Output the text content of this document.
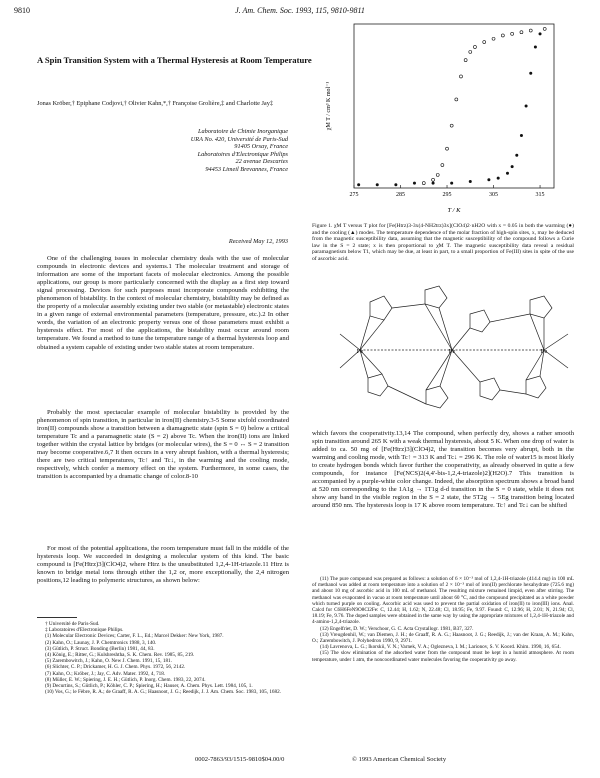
9810	J. Am. Chem. Soc. 1993, 115, 9810-9811
A Spin Transition System with a Thermal Hysteresis at Room Temperature
Jonas Kröber,† Epiphane Codjovi,† Olivier Kahn,*,† Françoise Grolière,‡ and Charlotte Jay‡
Laboratoire de Chimie Inorganique
URA No. 420, Université de Paris-Sud
91405 Orsay, France
Laboratoires d'Electronique Philips
22 avenue Descartes
94453 Limeil Brevannes, France
Received May 12, 1993
One of the challenging issues in molecular chemistry deals with the use of molecular compounds in electronic devices and systems.1 The molecular treatment and storage of information are some of the important facets of molecular electronics. Among the possible applications, our group is more particularly concerned with the display as a first step toward signal processing. Devices for such purposes must incorporate compounds exhibiting the phenomenon of bistability. In the context of molecular chemistry, bistability may be defined as the property of a molecular assembly existing under two stable (or metastable) electronic states in a given range of external environmental parameters (temperature, pressure, etc.).2 In other words, the variation of an electronic property versus one of those parameters must exhibit a hysteresis effect. For most of the applications, the bistability must occur around room temperature. We found a method to tune the temperature range of a thermal hysteresis loop and obtained a system capable of existing under two stable states at room temperature.
Probably the most spectacular example of molecular bistability is provided by the phenomenon of spin transition, in particular in iron(II) chemistry.3-5 Some sixfold coordinated iron(II) compounds show a transition between a diamagnetic state (spin S = 0) below a critical temperature Tc and a paramagnetic state (S = 2) above Tc. When the iron(II) ions are linked together within the crystal lattice by bridges (or molecular wires), the S = 0 ↔ S = 2 transition may become cooperative.6,7 It then occurs in a very abrupt fashion, with a thermal hysteresis; there are two critical temperatures, Tc↑ and Tc↓, in the warming and the cooling mode, respectively, which confer a memory effect on the system. Furthermore, in some cases, the transition is accompanied by a dramatic change of color.8-10
For most of the potential applications, the room temperature must fall in the middle of the hysteresis loop. We succeeded in designing a molecular system of this kind. The basic compound is [Fe(Htrz)3](ClO4)2, where Htrz is the unsubstituted 1,2,4-1H-triazole.11 Htrz is known to bridge metal ions through either the 1,2 or, more exceptionally, the 2,4 nitrogen positions,12 leading to polymeric structures, as shown below:
† Université de Paris-Sud.
‡ Laboratoires d'Electronique Philips.
(1) Molecular Electronic Devices; Carter, F. L., Ed.; Marcel Dekker: New York, 1987.
(2) Kahn, O.; Launay, J. P. Chemtronics 1988, 3, 140.
(3) Gütlich, P. Struct. Bonding (Berlin) 1981, 44, 83.
(4) König, E.; Ritter, G.; Kulshreshtha, S. K. Chem. Rev. 1985, 85, 219.
(5) Zarembowitch, J.; Kahn, O. New J. Chem. 1991, 15, 181.
(6) Slichter, C. P.; Drickamer, H. G. J. Chem. Phys. 1972, 56, 2142.
(7) Kahn, O.; Kröber, J.; Jay, C. Adv. Mater. 1992, 4, 718.
(8) Müller, E. W.; Spiering, J. E. H.; Gütlich, P. Inorg. Chem. 1983, 22, 2074.
(9) Decurtins, S.; Gütlich, P.; Köhler, C. P.; Spiering, H.; Hauser, A. Chem. Phys. Lett. 1984, 105, 1.
(10) Vos, G.; le Fèbre, R. A.; de Graaff, R. A. G.; Haasnoot, J. G.; Reedijk, J. J. Am. Chem. Soc. 1983, 105, 1682.
χM T / cm³ K mol⁻¹
T / K
275	285	295	305	315
Figure 1. χM T versus T plot for [Fe(Htrz)3-3x(4-NH2trz)3x](ClO4)2·nH2O with x = 0.05 in both the warming (●) and the cooling (▲) modes. The temperature dependence of the molar fraction of high-spin sites, x, may be deduced from the magnetic susceptibility data, assuming that the magnetic susceptibility of the compound follows a Curie law in the S = 2 state; x is then proportional to χM T. The magnetic susceptibility data reveal a residual paramagnetism below T1, which may be due, at least in part, to a small proportion of Fe(III) sites in spite of the use of ascorbic acid.
Fe	Fe	Fe
which favors the cooperativity.13,14 The compound, when perfectly dry, shows a rather smooth spin transition around 265 K with a weak thermal hysteresis, about 5 K. When one drop of water is added to ca. 50 mg of [Fe(Htrz)3](ClO4)2, the transition becomes very abrupt, both in the warming and cooling mode, with Tc↑ = 313 K and Tc↓ = 296 K. The role of water15 is most likely to create hydrogen bonds which favor further the cooperativity, as already observed in quite a few compounds, for instance [Fe(NCS)2(4,4'-bis-1,2,4-triazole)2](H2O).7 This transition is accompanied by a purple-white color change. Indeed, the absorption spectrum shows a broad band at 520 nm corresponding to the 1A1g → 1T1g d-d transition in the S = 0 state, while it does not show any band in the visible region in the S = 2 state, the 5T2g → 5Eg transition being located around 850 nm. The hysteresis loop is 17 K above room temperature. Tc↑ and Tc↓ can be shifted
(11) The pure compound was prepared as follows: a solution of 6 × 10⁻³ mol of 1,2,4-1H-triazole (414.4 mg) in 100 mL of methanol was added at room temperature into a solution of 2 × 10⁻³ mol of iron(II) perchlorate hexahydrate (725.6 mg) and about 10 mg of ascorbic acid in 100 mL of methanol. The resulting mixture remained limpid, even after stirring. The methanol was evaporated in vacuo at room temperature until about 60 °C, and the compound precipitated as a white powder which turned purple on cooling. Ascorbic acid was used to prevent the partial oxidation of iron(II) to iron(III) ions. Anal. Calcd for C6H6FeN9O8Cl2Fe: C, 12.44; H, 1.62; N, 22.48; Cl, 18.95; Fe, 9.97. Found: C, 12.96; H, 2.01; N, 21.94; Cl, 18.19; Fe, 9.76. The doped samples were obtained in the same way by using the appropriate mixtures of 1,2,4-1H-triazole and 4-amino-1,2,4-triazole.
(12) Engelfriet, D. W.; Verschoor, G. C. Acta Crystallogr. 1981, B37, 327.
(13) Vreugdenhil, W.; van Diemen, J. H.; de Graaff, R. A. G.; Haasnoot, J. G.; Reedijk, J.; van der Kraan, A. M.; Kahn, O.; Zarembowitch, J. Polyhedron 1990, 9, 2971.
(14) Lavrenova, L. G.; Ikorskii, V. N.; Varnek, V. A.; Oglezneva, I. M.; Larionov, S. V. Koord. Khim. 1990, 16, 654.
(15) The slow elimination of the adsorbed water from the compound must be kept in a humid atmosphere. At room temperature, under 1 atm, the noncoordinated water molecules favoring the cooperativity go away.
0002-7863/93/1515-9810$04.00/0	© 1993 American Chemical Society
